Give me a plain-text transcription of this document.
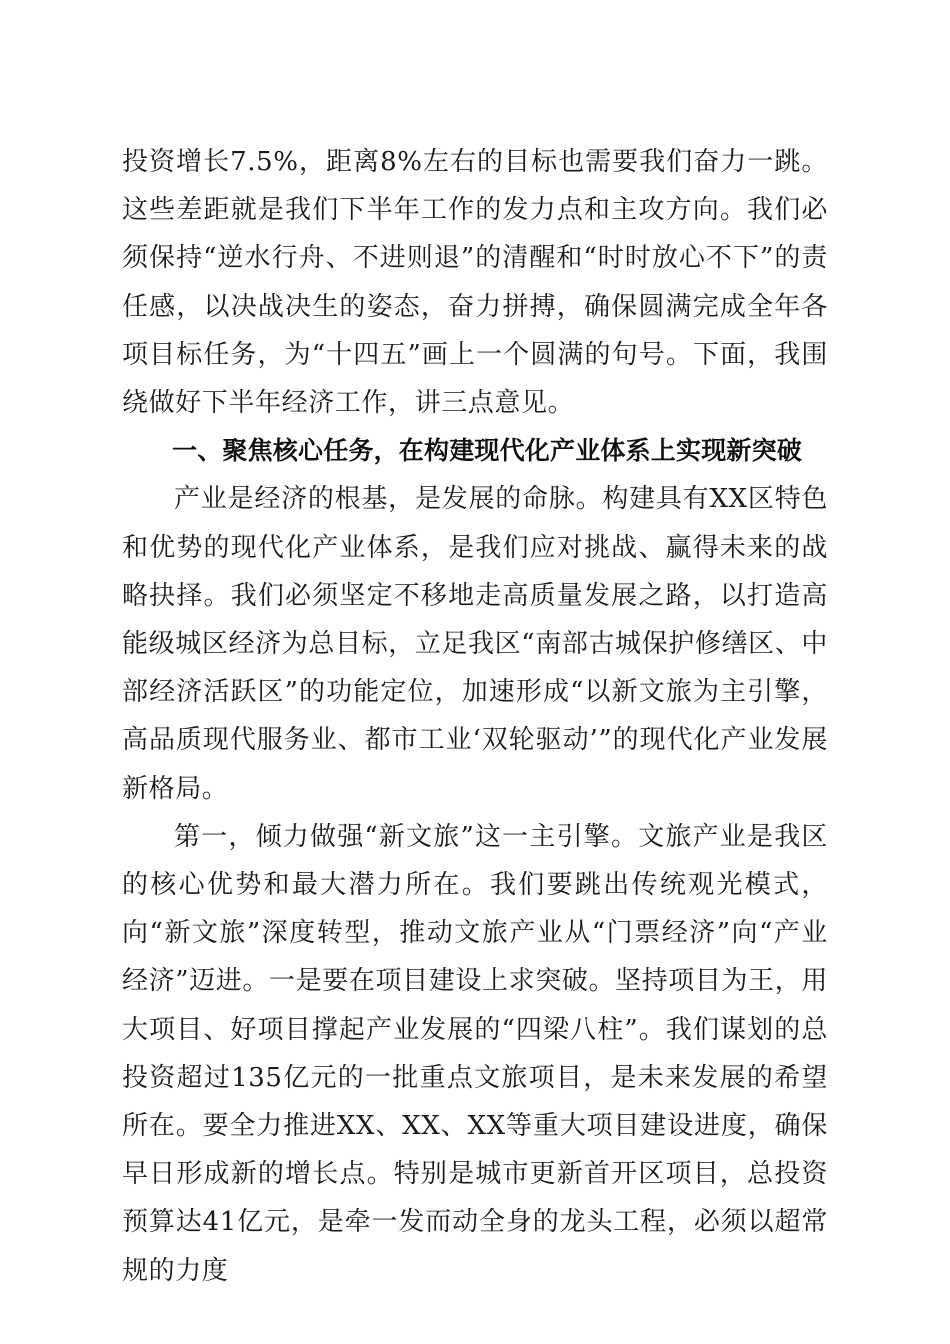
投资增长7.5%，距离8%左右的目标也需要我们奋力一跳。这些差距就是我们下半年工作的发力点和主攻方向。我们必须保持“逆水行舟、不进则退”的清醒和“时时放心不下”的责任感，以决战决生的姿态，奋力拼搏，确保圆满完成全年各项目标任务，为“十四五”画上一个圆满的句号。下面，我围绕做好下半年经济工作，讲三点意见。

一、聚焦核心任务，在构建现代化产业体系上实现新突破

产业是经济的根基，是发展的命脉。构建具有XX区特色和优势的现代化产业体系，是我们应对挑战、赢得未来的战略抉择。我们必须坚定不移地走高质量发展之路，以打造高能级城区经济为总目标，立足我区“南部古城保护修缮区、中部经济活跃区”的功能定位，加速形成“以新文旅为主引擎，高品质现代服务业、都市工业‘双轮驱动’”的现代化产业发展新格局。

第一，倾力做强“新文旅”这一主引擎。文旅产业是我区的核心优势和最大潜力所在。我们要跳出传统观光模式，向“新文旅”深度转型，推动文旅产业从“门票经济”向“产业经济”迈进。一是要在项目建设上求突破。坚持项目为王，用大项目、好项目撑起产业发展的“四梁八柱”。我们谋划的总投资超过135亿元的一批重点文旅项目，是未来发展的希望所在。要全力推进XX、XX、XX等重大项目建设进度，确保早日形成新的增长点。特别是城市更新首开区项目，总投资预算达41亿元，是牵一发而动全身的龙头工程，必须以超常规的力度
